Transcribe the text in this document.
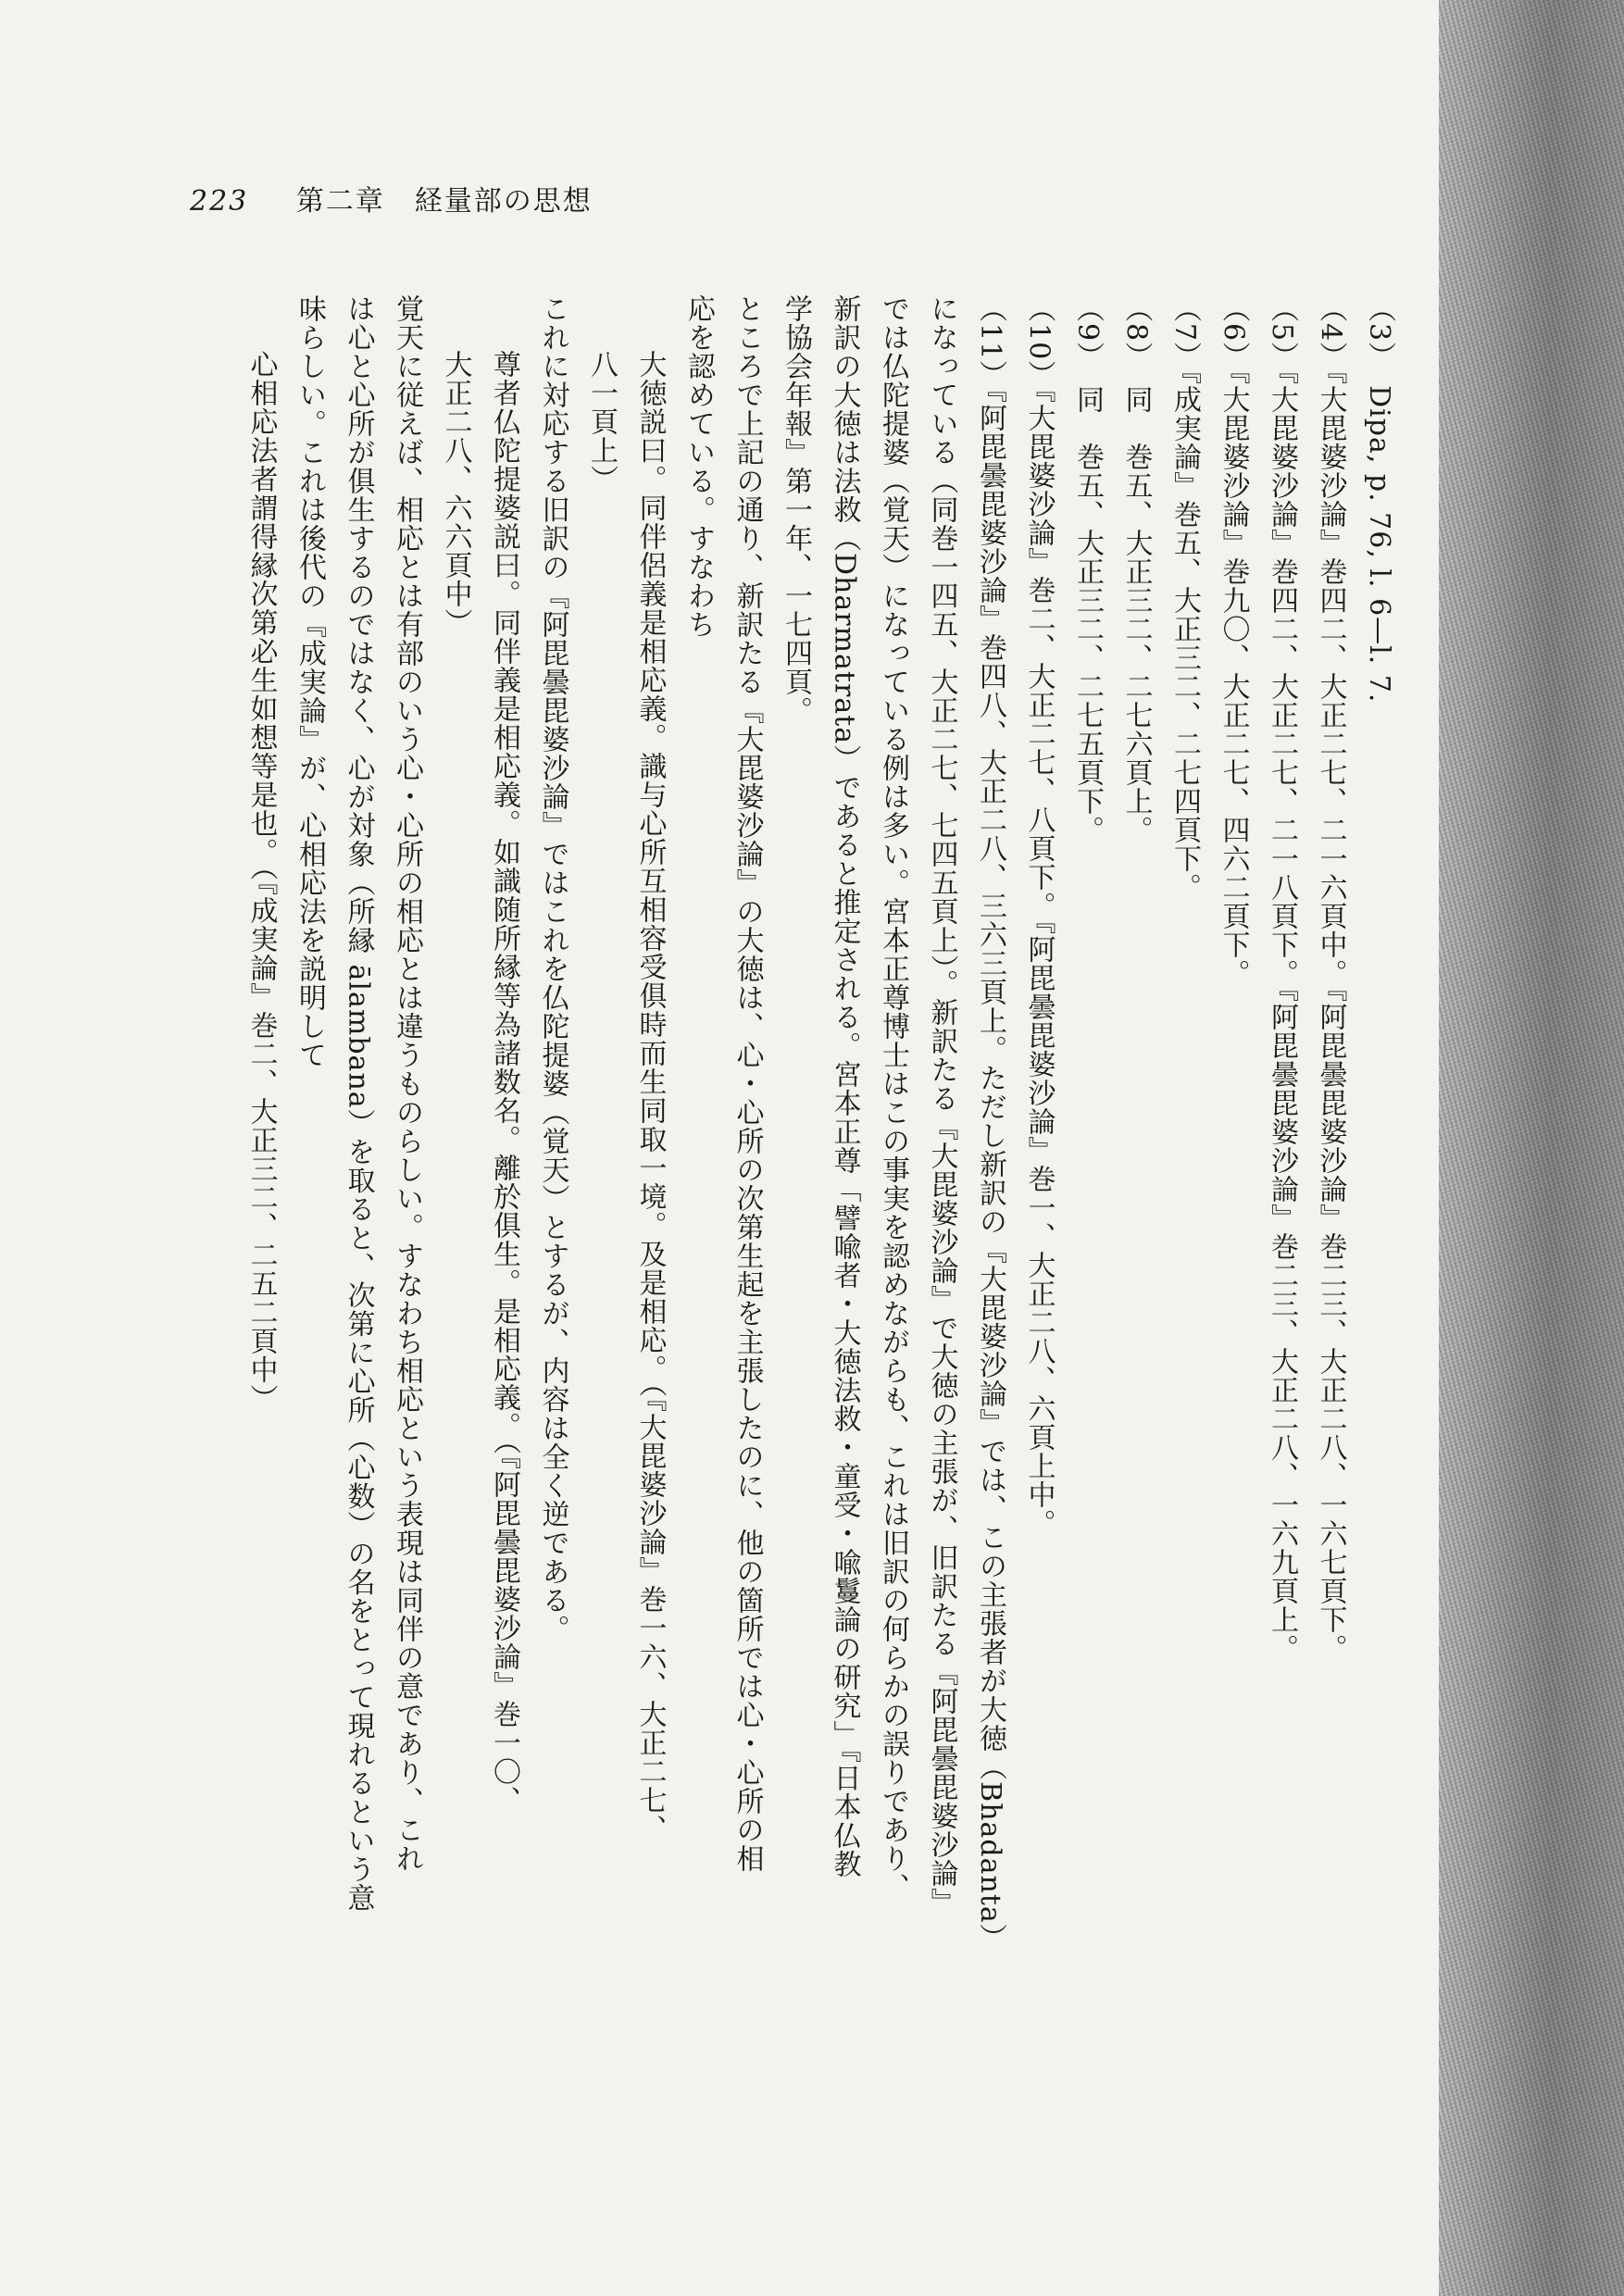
223 第二章　経量部の思想
（3）　Dipa, p. 76, l. 6—l. 7.
（4）『大毘婆沙論』巻四二、大正二七、二一六頁中。『阿毘曇毘婆沙論』巻二三、大正二八、一六七頁下。
（5）『大毘婆沙論』巻四二、大正二七、二一八頁下。『阿毘曇毘婆沙論』巻二三、大正二八、一六九頁上。
（6）『大毘婆沙論』巻九〇、大正二七、四六二頁下。
（7）『成実論』巻五、大正三二、二七四頁下。
（8）　同　巻五、大正三二、二七六頁上。
（9）　同　巻五、大正三二、二七五頁下。
（10）『大毘婆沙論』巻二、大正二七、八頁下。『阿毘曇毘婆沙論』巻一、大正二八、六頁上中。
（11）『阿毘曇毘婆沙論』巻四八、大正二八、三六三頁上。ただし新訳の『大毘婆沙論』では、この主張者が大徳（Bhadanta）
になっている（同巻一四五、大正二七、七四五頁上）。新訳たる『大毘婆沙論』で大徳の主張が、旧訳たる『阿毘曇毘婆沙論』
では仏陀提婆（覚天）になっている例は多い。宮本正尊博士はこの事実を認めながらも、これは旧訳の何らかの誤りであり、
新訳の大徳は法救（Dharmatrata）であると推定される。宮本正尊「譬喩者・大徳法救・童受・喩鬘論の研究」『日本仏教
学協会年報』第一年、一七四頁。
ところで上記の通り、新訳たる『大毘婆沙論』の大徳は、心・心所の次第生起を主張したのに、他の箇所では心・心所の相
応を認めている。すなわち
大徳説曰。同伴侶義是相応義。識与心所互相容受俱時而生同取一境。及是相応。（『大毘婆沙論』巻一六、大正二七、
八一頁上）
これに対応する旧訳の『阿毘曇毘婆沙論』ではこれを仏陀提婆（覚天）とするが、内容は全く逆である。
尊者仏陀提婆説曰。同伴義是相応義。如識随所縁等為諸数名。離於俱生。是相応義。（『阿毘曇毘婆沙論』巻一〇、
大正二八、六六頁中）
覚天に従えば、相応とは有部のいう心・心所の相応とは違うものらしい。すなわち相応という表現は同伴の意であり、これ
は心と心所が俱生するのではなく、心が対象（所縁 ālambana）を取ると、次第に心所（心数）の名をとって現れるという意
味らしい。これは後代の『成実論』が、心相応法を説明して
心相応法者謂得縁次第必生如想等是也。（『成実論』巻二、大正三二、二五二頁中）
